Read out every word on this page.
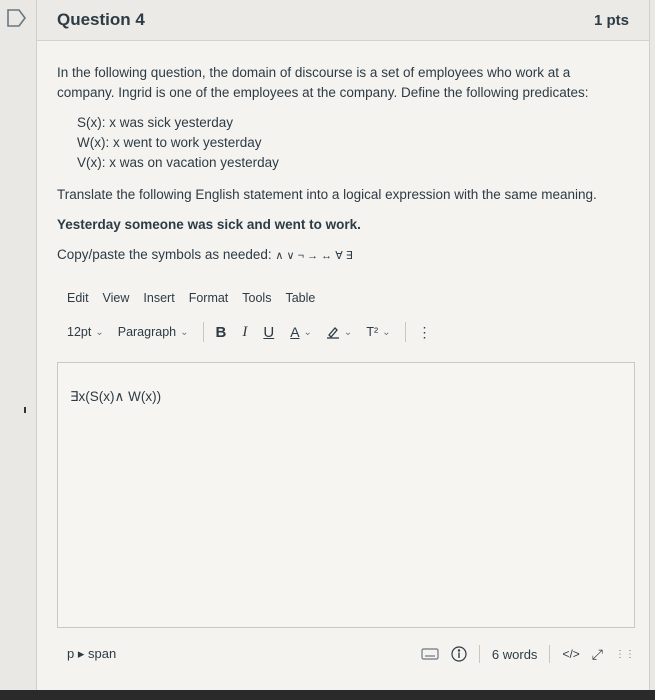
Question 4	1 pts

In the following question, the domain of discourse is a set of employees who work at a company. Ingrid is one of the employees at the company. Define the following predicates:

S(x): x was sick yesterday
W(x): x went to work yesterday
V(x): x was on vacation yesterday

Translate the following English statement into a logical expression with the same meaning.

Yesterday someone was sick and went to work.

Copy/paste the symbols as needed: ∧ ∨ ¬ → ↔ ∀ ∃

Edit View Insert Format Tools Table
12pt ⌄ Paragraph ⌄ B I U A ⌄	⌄ T² ⌄ ⋮
∃x(S(x)∧ W(x))
p ▸ span	6 words </> ⤢ ⋮⋮
